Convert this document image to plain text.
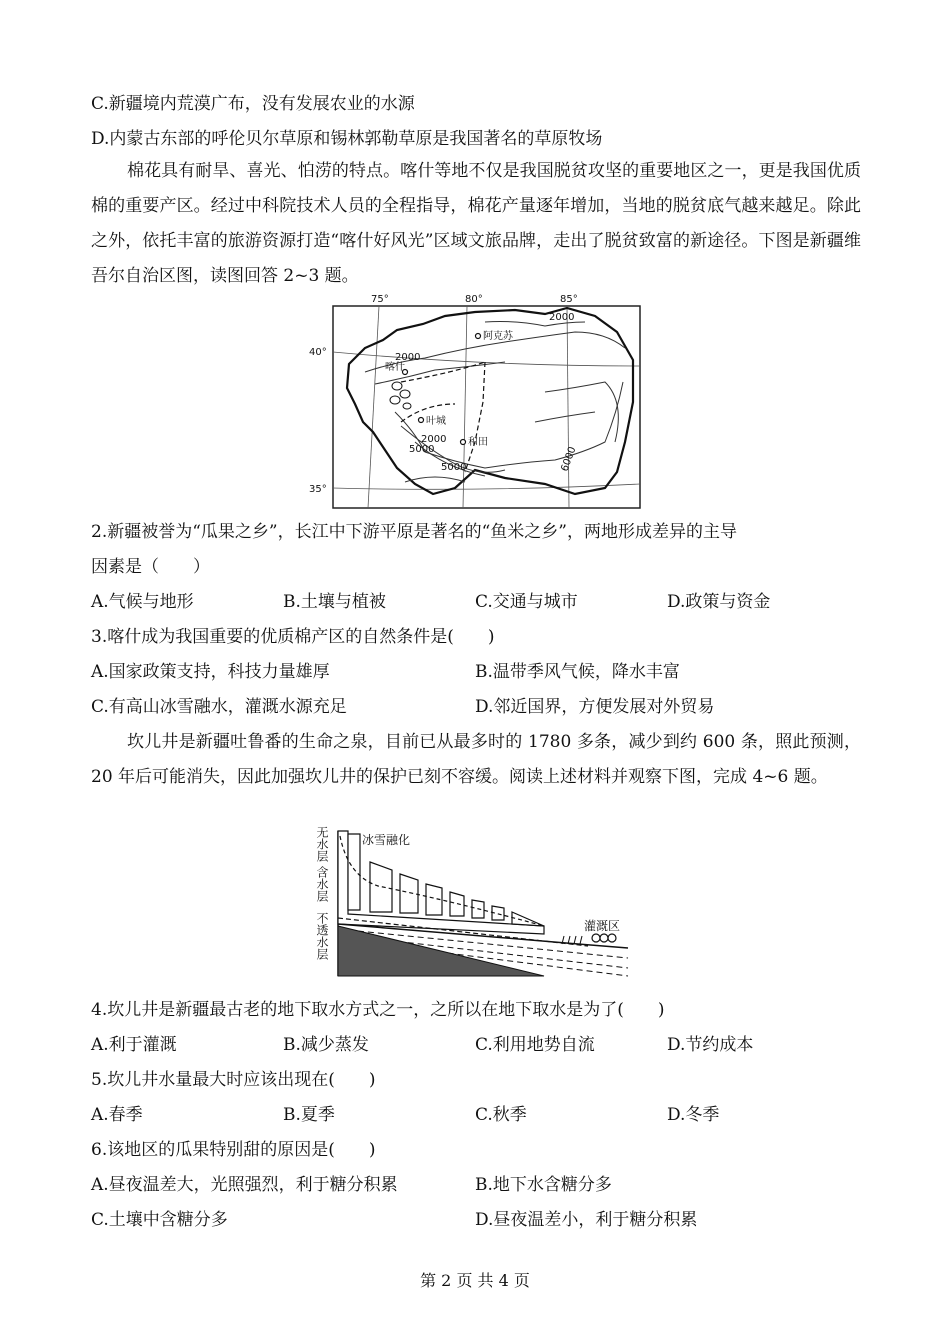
C.新疆境内荒漠广布，没有发展农业的水源
D.内蒙古东部的呼伦贝尔草原和锡林郭勒草原是我国著名的草原牧场
棉花具有耐旱、喜光、怕涝的特点。喀什等地不仅是我国脱贫攻坚的重要地区之一，更是我国优质棉的重要产区。经过中科院技术人员的全程指导，棉花产量逐年增加，当地的脱贫底气越来越足。除此之外，依托丰富的旅游资源打造“喀什好风光”区域文旅品牌，走出了脱贫致富的新途径。下图是新疆维吾尔自治区图，读图回答 2~3 题。
75°	80°	85°
40°
35°
阿克苏
喀什
叶城
和田
2000
2000
2000
5000
5000	6000
2.新疆被誉为“瓜果之乡”，长江中下游平原是著名的“鱼米之乡”，两地形成差异的主导
因素是（　　）
A.气候与地形	B.土壤与植被	C.交通与城市	D.政策与资金
3.喀什成为我国重要的优质棉产区的自然条件是(　　)
A.国家政策支持，科技力量雄厚	B.温带季风气候，降水丰富
C.有高山冰雪融水，灌溉水源充足	D.邻近国界，方便发展对外贸易
坎儿井是新疆吐鲁番的生命之泉，目前已从最多时的 1780 多条，减少到约 600 条，照此预测，20 年后可能消失，因此加强坎儿井的保护已刻不容缓。阅读上述材料并观察下图，完成 4~6 题。
无水层
含水层
不透水层
冰雪融化
灌溉区
4.坎儿井是新疆最古老的地下取水方式之一，之所以在地下取水是为了(　　)
A.利于灌溉	B.减少蒸发	C.利用地势自流	D.节约成本
5.坎儿井水量最大时应该出现在(　　)
A.春季	B.夏季	C.秋季	D.冬季
6.该地区的瓜果特别甜的原因是(　　)
A.昼夜温差大，光照强烈，利于糖分积累	B.地下水含糖分多
C.土壤中含糖分多	D.昼夜温差小，利于糖分积累
第 2 页 共 4 页
